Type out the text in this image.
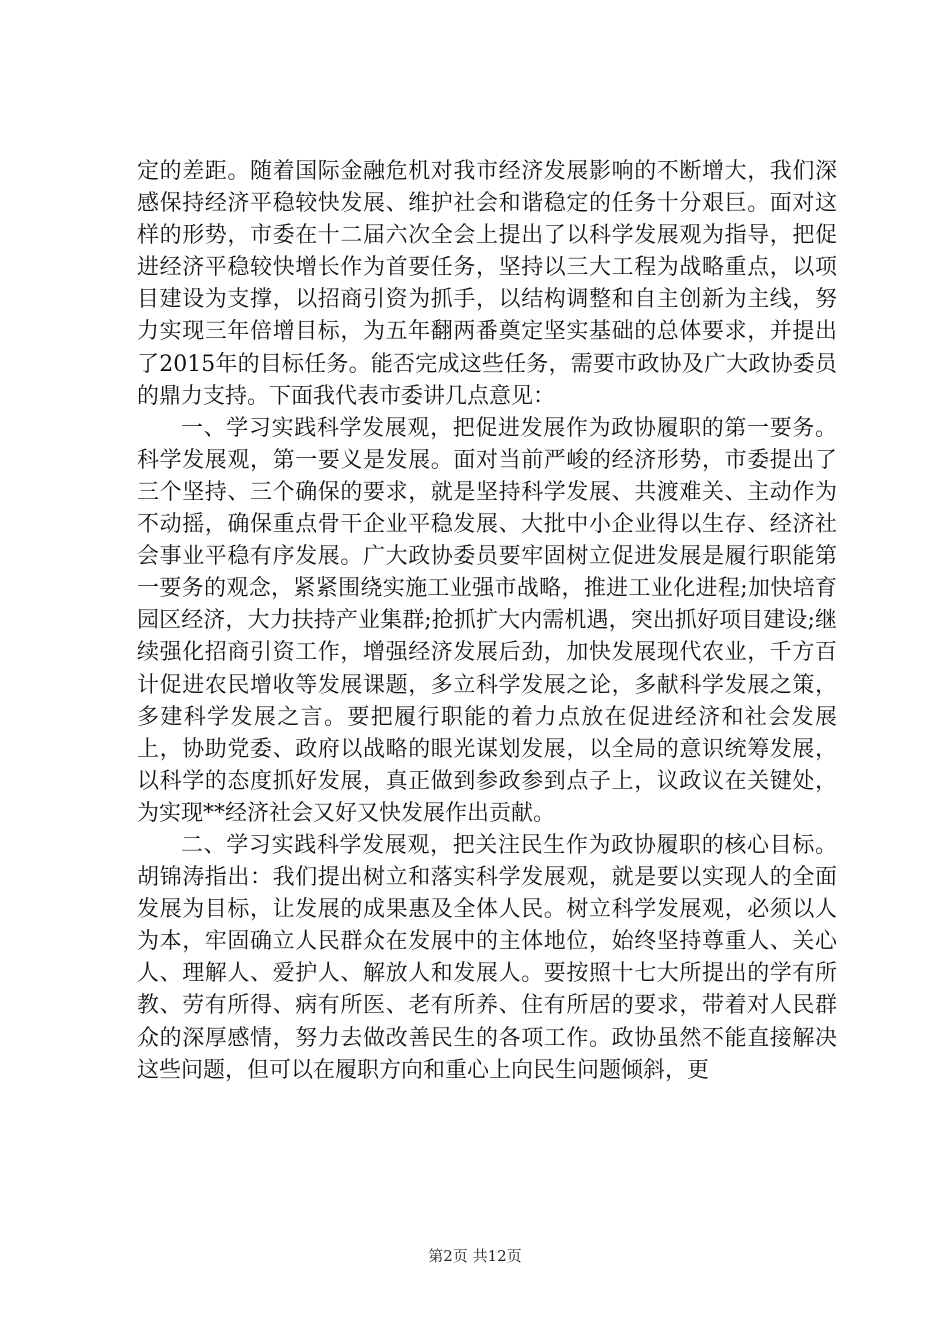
定的差距。随着国际金融危机对我市经济发展影响的不断增大，我们深感保持经济平稳较快发展、维护社会和谐稳定的任务十分艰巨。面对这样的形势，市委在十二届六次全会上提出了以科学发展观为指导，把促进经济平稳较快增长作为首要任务，坚持以三大工程为战略重点，以项目建设为支撑，以招商引资为抓手，以结构调整和自主创新为主线，努力实现三年倍增目标，为五年翻两番奠定坚实基础的总体要求，并提出了2015年的目标任务。能否完成这些任务，需要市政协及广大政协委员的鼎力支持。下面我代表市委讲几点意见：

一、学习实践科学发展观，把促进发展作为政协履职的第一要务。科学发展观，第一要义是发展。面对当前严峻的经济形势，市委提出了三个坚持、三个确保的要求，就是坚持科学发展、共渡难关、主动作为不动摇，确保重点骨干企业平稳发展、大批中小企业得以生存、经济社会事业平稳有序发展。广大政协委员要牢固树立促进发展是履行职能第一要务的观念，紧紧围绕实施工业强市战略，推进工业化进程;加快培育园区经济，大力扶持产业集群;抢抓扩大内需机遇，突出抓好项目建设;继续强化招商引资工作，增强经济发展后劲，加快发展现代农业，千方百计促进农民增收等发展课题，多立科学发展之论，多献科学发展之策，多建科学发展之言。要把履行职能的着力点放在促进经济和社会发展上，协助党委、政府以战略的眼光谋划发展，以全局的意识统筹发展，以科学的态度抓好发展，真正做到参政参到点子上，议政议在关键处，为实现**经济社会又好又快发展作出贡献。

二、学习实践科学发展观，把关注民生作为政协履职的核心目标。胡锦涛指出：我们提出树立和落实科学发展观，就是要以实现人的全面发展为目标，让发展的成果惠及全体人民。树立科学发展观，必须以人为本，牢固确立人民群众在发展中的主体地位，始终坚持尊重人、关心人、理解人、爱护人、解放人和发展人。要按照十七大所提出的学有所教、劳有所得、病有所医、老有所养、住有所居的要求，带着对人民群众的深厚感情，努力去做改善民生的各项工作。政协虽然不能直接解决这些问题，但可以在履职方向和重心上向民生问题倾斜，更

第2页 共12页
